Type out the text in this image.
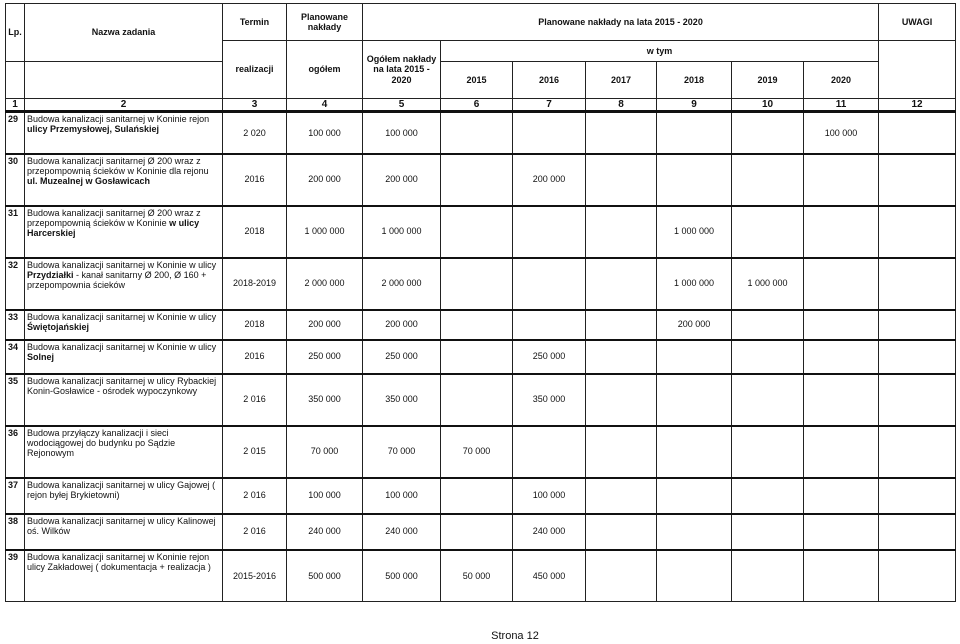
Lp.	Nazwa zadania	Termin	Planowane nakłady	Planowane nakłady na lata 2015 - 2020							UWAGI
		realizacji	ogółem	Ogółem nakłady na lata 2015 - 2020	w tym						
					2015	2016	2017	2018	2019	2020	
1	2	3	4	5	6	7	8	9	10	11	12
29	Budowa kanalizacji sanitarnej w Koninie rejon ulicy Przemysłowej, Sulańskiej	2 020	100 000	100 000						100 000	
30	Budowa kanalizacji sanitarnej Ø 200 wraz z przepompownią ścieków w Koninie dla rejonu ul. Muzealnej w Gosławicach	2016	200 000	200 000		200 000					
31	Budowa kanalizacji sanitarnej Ø 200 wraz z przepompownią ścieków w Koninie w ulicy Harcerskiej	2018	1 000 000	1 000 000				1 000 000			
32	Budowa kanalizacji sanitarnej w Koninie w ulicy Przydziałki - kanał sanitarny Ø 200, Ø 160 + przepompownia ścieków	2018-2019	2 000 000	2 000 000				1 000 000	1 000 000		
33	Budowa kanalizacji sanitarnej w Koninie w ulicy Świętojańskiej	2018	200 000	200 000				200 000			
34	Budowa kanalizacji sanitarnej w Koninie w ulicy Solnej	2016	250 000	250 000		250 000					
35	Budowa kanalizacji sanitarnej w ulicy Rybackiej Konin-Gosławice - ośrodek wypoczynkowy	2 016	350 000	350 000		350 000					
36	Budowa przyłączy kanalizacji i sieci wodociągowej do budynku po Sądzie Rejonowym	2 015	70 000	70 000	70 000						
37	Budowa kanalizacji sanitarnej w ulicy Gajowej ( rejon byłej Brykietowni)	2 016	100 000	100 000		100 000					
38	Budowa kanalizacji sanitarnej w ulicy Kalinowej oś. Wilków	2 016	240 000	240 000		240 000					
39	Budowa kanalizacji sanitarnej w Koninie rejon ulicy Zakładowej ( dokumentacja + realizacja )	2015-2016	500 000	500 000	50 000	450 000					
Strona 12
